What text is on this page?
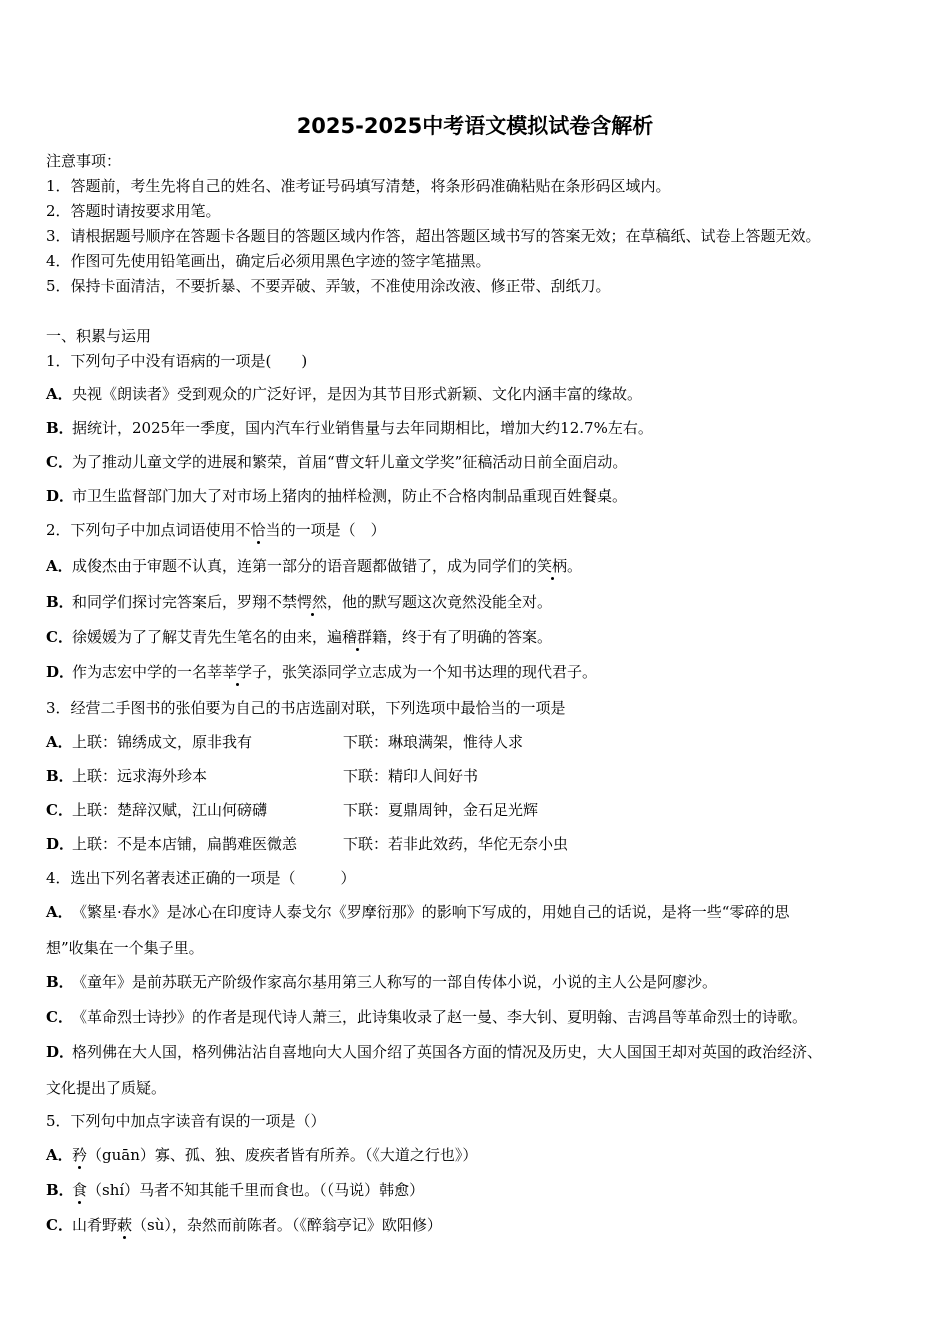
2025-2025中考语文模拟试卷含解析
注意事项：
1．答题前，考生先将自己的姓名、准考证号码填写清楚，将条形码准确粘贴在条形码区域内。
2．答题时请按要求用笔。
3．请根据题号顺序在答题卡各题目的答题区域内作答，超出答题区域书写的答案无效；在草稿纸、试卷上答题无效。
4．作图可先使用铅笔画出，确定后必须用黑色字迹的签字笔描黑。
5．保持卡面清洁，不要折暴、不要弄破、弄皱，不准使用涂改液、修正带、刮纸刀。
一、积累与运用
1．下列句子中没有语病的一项是(　　)
A．央视《朗读者》受到观众的广泛好评，是因为其节目形式新颖、文化内涵丰富的缘故。
B．据统计，2025年一季度，国内汽车行业销售量与去年同期相比，增加大约12.7%左右。
C．为了推动儿童文学的进展和繁荣，首届“曹文轩儿童文学奖”征稿活动日前全面启动。
D．市卫生监督部门加大了对市场上猪肉的抽样检测，防止不合格肉制品重现百姓餐桌。
2．下列句子中加点词语使用不恰当的一项是（　）
A．成俊杰由于审题不认真，连第一部分的语音题都做错了，成为同学们的笑柄。
B．和同学们探讨完答案后，罗翔不禁愕然，他的默写题这次竟然没能全对。
C．徐媛媛为了了解艾青先生笔名的由来，遍稽群籍，终于有了明确的答案。
D．作为志宏中学的一名莘莘学子，张笑添同学立志成为一个知书达理的现代君子。
3．经营二手图书的张伯要为自己的书店选副对联，下列选项中最恰当的一项是
A．上联：锦绣成文，原非我有	下联：琳琅满架，惟待人求
B．上联：远求海外珍本	下联：精印人间好书
C．上联：楚辞汉赋，江山何磅礴	下联：夏鼎周钟，金石足光辉
D．上联：不是本店铺，扁鹊难医微恙	下联：若非此效药，华佗无奈小虫
4．选出下列名著表述正确的一项是（　　　）
A．《繁星·春水》是冰心在印度诗人泰戈尔《罗摩衍那》的影响下写成的，用她自己的话说，是将一些“零碎的思
想”收集在一个集子里。
B．《童年》是前苏联无产阶级作家高尔基用第三人称写的一部自传体小说，小说的主人公是阿廖沙。
C．《革命烈士诗抄》的作者是现代诗人萧三，此诗集收录了赵一曼、李大钊、夏明翰、吉鸿昌等革命烈士的诗歌。
D．格列佛在大人国，格列佛沾沾自喜地向大人国介绍了英国各方面的情况及历史，大人国国王却对英国的政治经济、
文化提出了质疑。
5．下列句中加点字读音有误的一项是（）
A．矜（guān）寡、孤、独、废疾者皆有所养。（《大道之行也》）
B．食（shí）马者不知其能千里而食也。（（马说）韩愈）
C．山肴野蔌（sù），杂然而前陈者。（《醉翁亭记》欧阳修）
